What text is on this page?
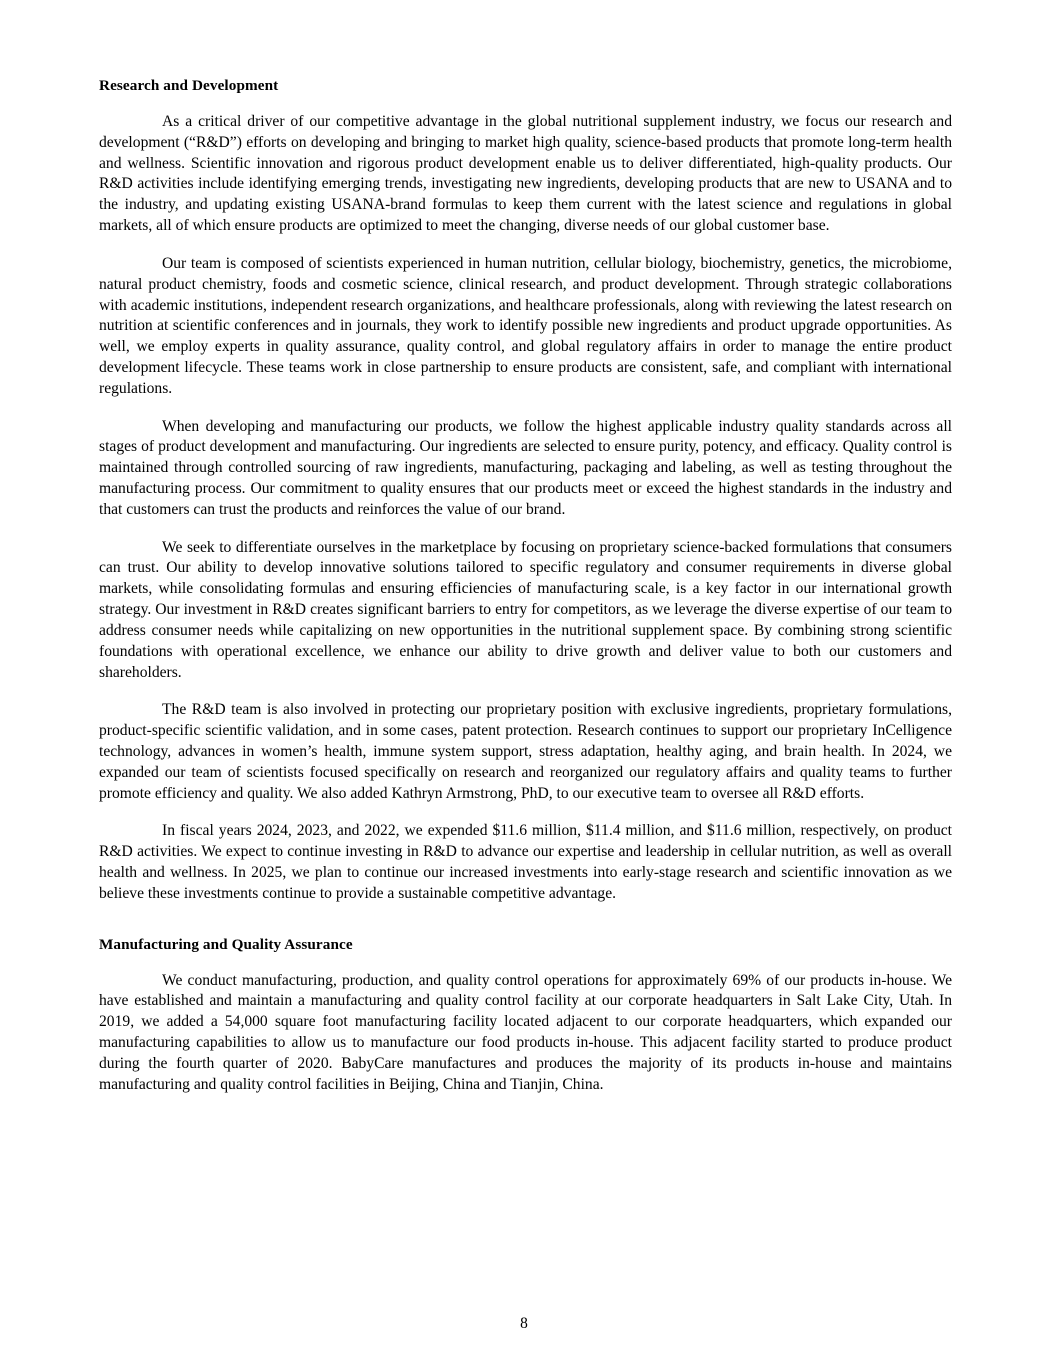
Research and Development

As a critical driver of our competitive advantage in the global nutritional supplement industry, we focus our research and development (“R&D”) efforts on developing and bringing to market high quality, science-based products that promote long-term health and wellness. Scientific innovation and rigorous product development enable us to deliver differentiated, high-quality products. Our R&D activities include identifying emerging trends, investigating new ingredients, developing products that are new to USANA and to the industry, and updating existing USANA-brand formulas to keep them current with the latest science and regulations in global markets, all of which ensure products are optimized to meet the changing, diverse needs of our global customer base.

Our team is composed of scientists experienced in human nutrition, cellular biology, biochemistry, genetics, the microbiome, natural product chemistry, foods and cosmetic science, clinical research, and product development. Through strategic collaborations with academic institutions, independent research organizations, and healthcare professionals, along with reviewing the latest research on nutrition at scientific conferences and in journals, they work to identify possible new ingredients and product upgrade opportunities. As well, we employ experts in quality assurance, quality control, and global regulatory affairs in order to manage the entire product development lifecycle. These teams work in close partnership to ensure products are consistent, safe, and compliant with international regulations.

When developing and manufacturing our products, we follow the highest applicable industry quality standards across all stages of product development and manufacturing. Our ingredients are selected to ensure purity, potency, and efficacy. Quality control is maintained through controlled sourcing of raw ingredients, manufacturing, packaging and labeling, as well as testing throughout the manufacturing process. Our commitment to quality ensures that our products meet or exceed the highest standards in the industry and that customers can trust the products and reinforces the value of our brand.

We seek to differentiate ourselves in the marketplace by focusing on proprietary science-backed formulations that consumers can trust. Our ability to develop innovative solutions tailored to specific regulatory and consumer requirements in diverse global markets, while consolidating formulas and ensuring efficiencies of manufacturing scale, is a key factor in our international growth strategy. Our investment in R&D creates significant barriers to entry for competitors, as we leverage the diverse expertise of our team to address consumer needs while capitalizing on new opportunities in the nutritional supplement space. By combining strong scientific foundations with operational excellence, we enhance our ability to drive growth and deliver value to both our customers and shareholders.

The R&D team is also involved in protecting our proprietary position with exclusive ingredients, proprietary formulations, product-specific scientific validation, and in some cases, patent protection. Research continues to support our proprietary InCelligence technology, advances in women’s health, immune system support, stress adaptation, healthy aging, and brain health. In 2024, we expanded our team of scientists focused specifically on research and reorganized our regulatory affairs and quality teams to further promote efficiency and quality. We also added Kathryn Armstrong, PhD, to our executive team to oversee all R&D efforts.

In fiscal years 2024, 2023, and 2022, we expended $11.6 million, $11.4 million, and $11.6 million, respectively, on product R&D activities. We expect to continue investing in R&D to advance our expertise and leadership in cellular nutrition, as well as overall health and wellness. In 2025, we plan to continue our increased investments into early-stage research and scientific innovation as we believe these investments continue to provide a sustainable competitive advantage.

Manufacturing and Quality Assurance

We conduct manufacturing, production, and quality control operations for approximately 69% of our products in-house. We have established and maintain a manufacturing and quality control facility at our corporate headquarters in Salt Lake City, Utah. In 2019, we added a 54,000 square foot manufacturing facility located adjacent to our corporate headquarters, which expanded our manufacturing capabilities to allow us to manufacture our food products in-house. This adjacent facility started to produce product during the fourth quarter of 2020. BabyCare manufactures and produces the majority of its products in-house and maintains manufacturing and quality control facilities in Beijing, China and Tianjin, China.

8
